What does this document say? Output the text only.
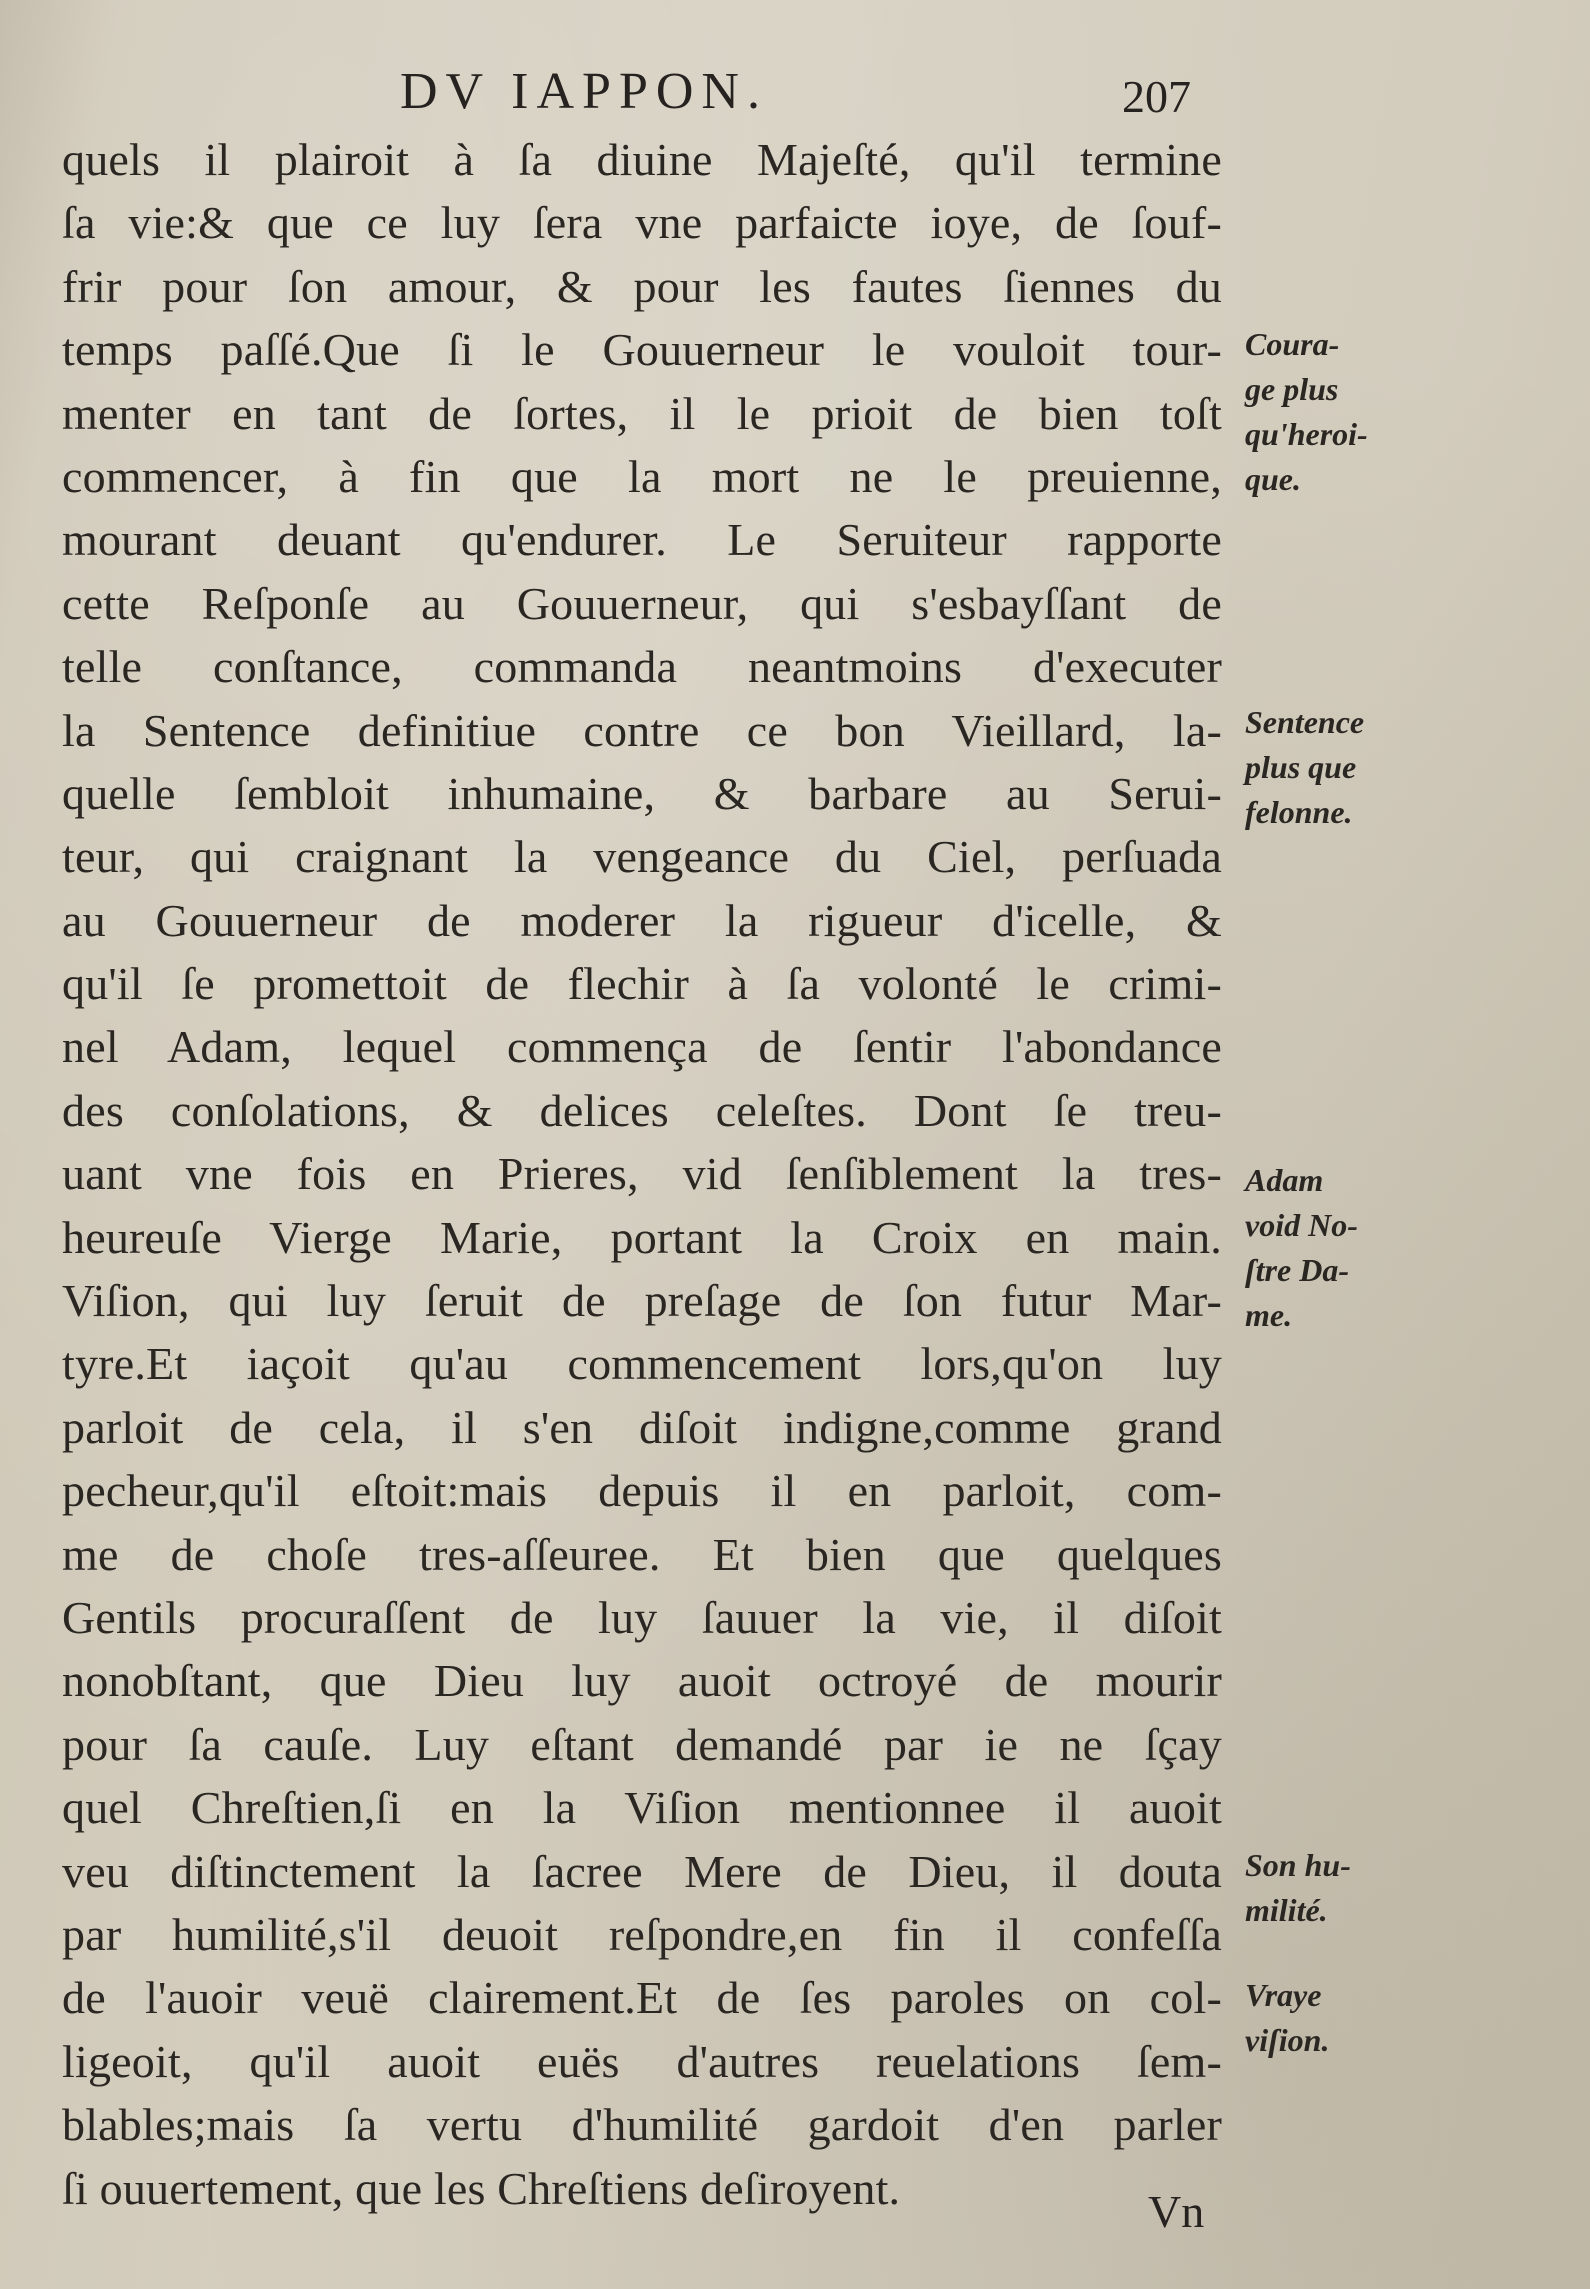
DV IAPPON.	207
quels il plairoit à ſa diuine Majeſté, qu'il termine
ſa vie:& que ce luy ſera vne parfaicte ioye, de ſouf-
frir pour ſon amour, & pour les fautes ſiennes du
temps paſſé.Que ſi le Gouuerneur le vouloit tour-
menter en tant de ſortes, il le prioit de bien toſt
commencer, à fin que la mort ne le preuienne,
mourant deuant qu'endurer. Le Seruiteur rapporte
cette Reſponſe au Gouuerneur, qui s'esbayſſant de
telle conſtance, commanda neantmoins d'executer
la Sentence definitiue contre ce bon Vieillard, la-
quelle ſembloit inhumaine, & barbare au Serui-
teur, qui craignant la vengeance du Ciel, perſuada
au Gouuerneur de moderer la rigueur d'icelle, &
qu'il ſe promettoit de flechir à ſa volonté le crimi-
nel Adam, lequel commença de ſentir l'abondance
des conſolations, & delices celeſtes. Dont ſe treu-
uant vne fois en Prieres, vid ſenſiblement la tres-
heureuſe Vierge Marie, portant la Croix en main.
Viſion, qui luy ſeruit de preſage de ſon futur Mar-
tyre.Et iaçoit qu'au commencement lors,qu'on luy
parloit de cela, il s'en diſoit indigne,comme grand
pecheur,qu'il eſtoit:mais depuis il en parloit, com-
me de choſe tres-aſſeuree. Et bien que quelques
Gentils procuraſſent de luy ſauuer la vie, il diſoit
nonobſtant, que Dieu luy auoit octroyé de mourir
pour ſa cauſe. Luy eſtant demandé par ie ne ſçay
quel Chreſtien,ſi en la Viſion mentionnee il auoit
veu diſtinctement la ſacree Mere de Dieu, il douta
par humilité,s'il deuoit reſpondre,en fin il confeſſa
de l'auoir veuë clairement.Et de ſes paroles on col-
ligeoit, qu'il auoit euës d'autres reuelations ſem-
blables;mais ſa vertu d'humilité gardoit d'en parler
ſi ouuertement, que les Chreſtiens deſiroyent.
Coura-
ge plus
qu'heroi-
que.
Sentence
plus que
felonne.
Adam
void No-
ſtre Da-
me.
Son hu-
milité.
Vraye
viſion.
Vn
